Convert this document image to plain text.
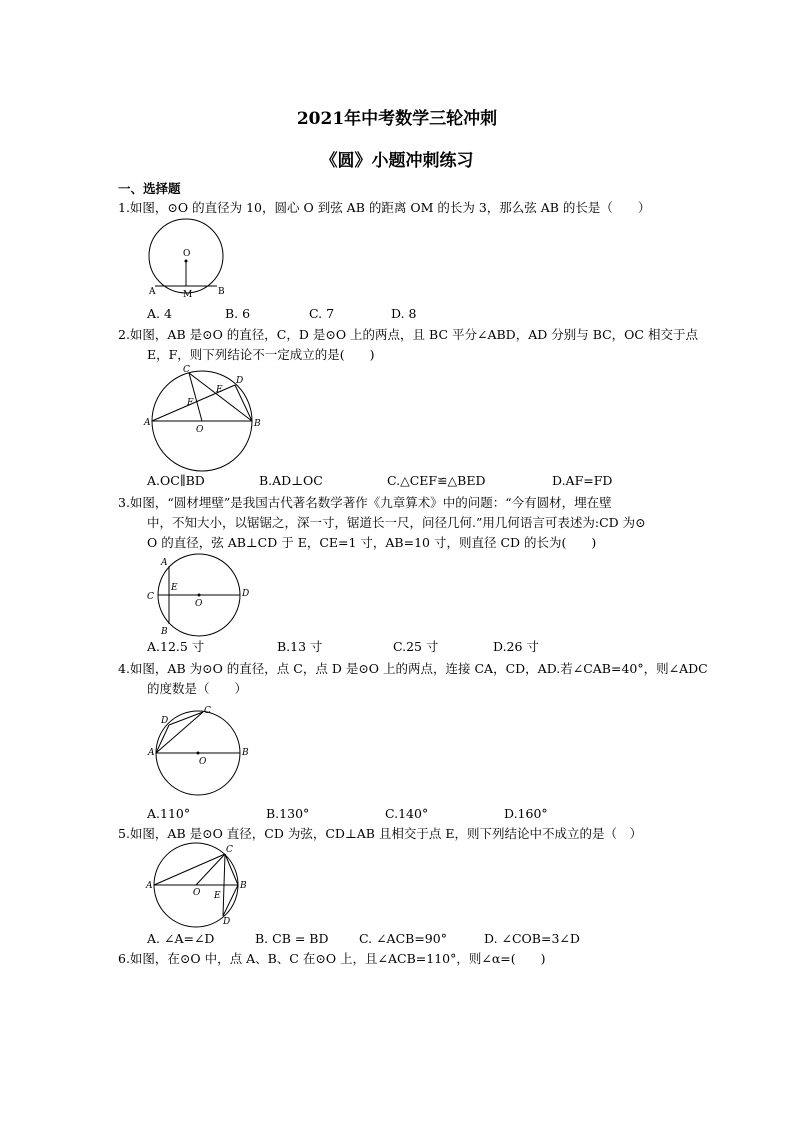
2021年中考数学三轮冲刺
《圆》小题冲刺练习
一、选择题
1.如图，⊙O 的直径为 10，圆心 O 到弦 AB 的距离 OM 的长为 3，那么弦 AB 的长是（　　）
O
A	M	B
A. 4	B. 6	C. 7	D. 8
2.如图，AB 是⊙O 的直径，C，D 是⊙O 上的两点，且 BC 平分∠ABD，AD 分别与 BC，OC 相交于点
E，F，则下列结论不一定成立的是(　　)
C
D
E
F
A
O
B
A.OC∥BD	B.AD⊥OC	C.△CEF≌△BED	D.AF=FD
3.如图，“圆材埋壁”是我国古代著名数学著作《九章算术》中的问题：“今有圆材，埋在壁
中，不知大小，以锯锯之，深一寸，锯道长一尺，问径几何.”用几何语言可表述为:CD 为⊙
O 的直径，弦 AB⊥CD 于 E，CE=1 寸，AB=10 寸，则直径 CD 的长为(　　)
A
E
C
O
D
B
A.12.5 寸	B.13 寸	C.25 寸	D.26 寸
4.如图，AB 为⊙O 的直径，点 C，点 D 是⊙O 上的两点，连接 CA，CD，AD.若∠CAB=40°，则∠ADC
的度数是（　　）
D
C
A
O
B
A.110°	B.130°	C.140°	D.160°
5.如图，AB 是⊙O 直径，CD 为弦，CD⊥AB 且相交于点 E，则下列结论中不成立的是（　）
C
A
O E
B
D
A. ∠A=∠D	B. CB = BD C. ∠ACB=90°	D. ∠COB=3∠D
6.如图，在⊙O 中，点 A、B、C 在⊙O 上，且∠ACB=110°，则∠α=(　　)
